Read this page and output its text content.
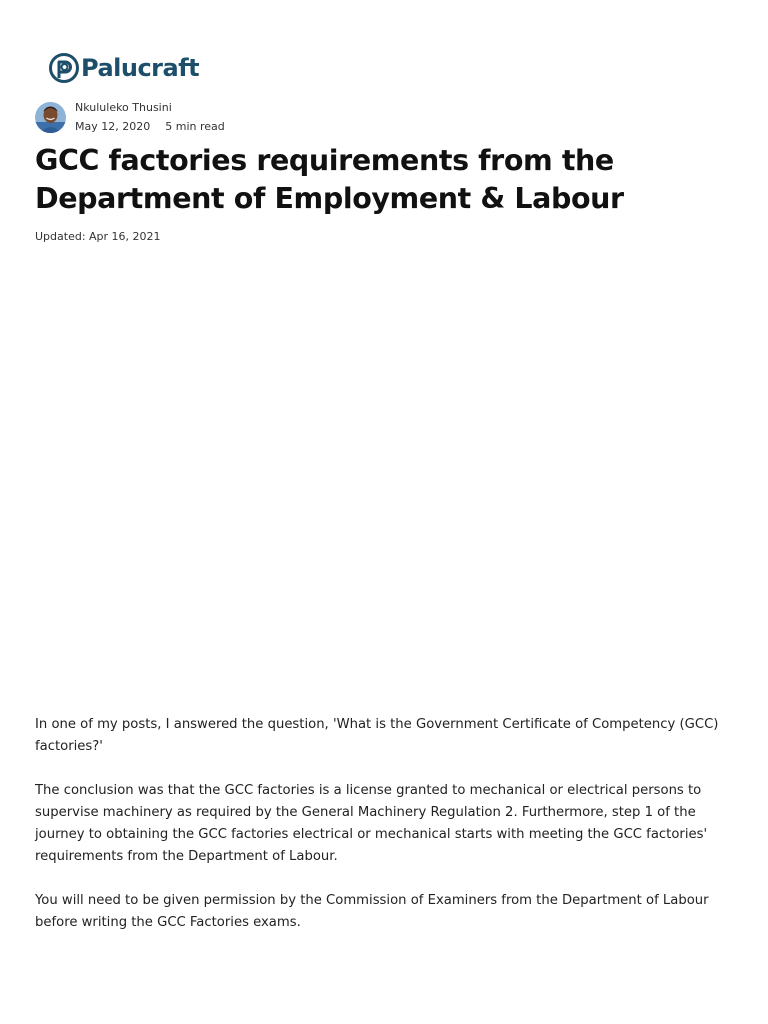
Palucraft
Nkululeko Thusini
May 12, 2020 5 min read
GCC factories requirements from the Department of Employment & Labour
Updated: Apr 16, 2021

In one of my posts, I answered the question, 'What is the Government Certificate of Competency (GCC) factories?'

The conclusion was that the GCC factories is a license granted to mechanical or electrical persons to supervise machinery as required by the General Machinery Regulation 2. Furthermore, step 1 of the journey to obtaining the GCC factories electrical or mechanical starts with meeting the GCC factories' requirements from the Department of Labour.

You will need to be given permission by the Commission of Examiners from the Department of Labour before writing the GCC Factories exams.
